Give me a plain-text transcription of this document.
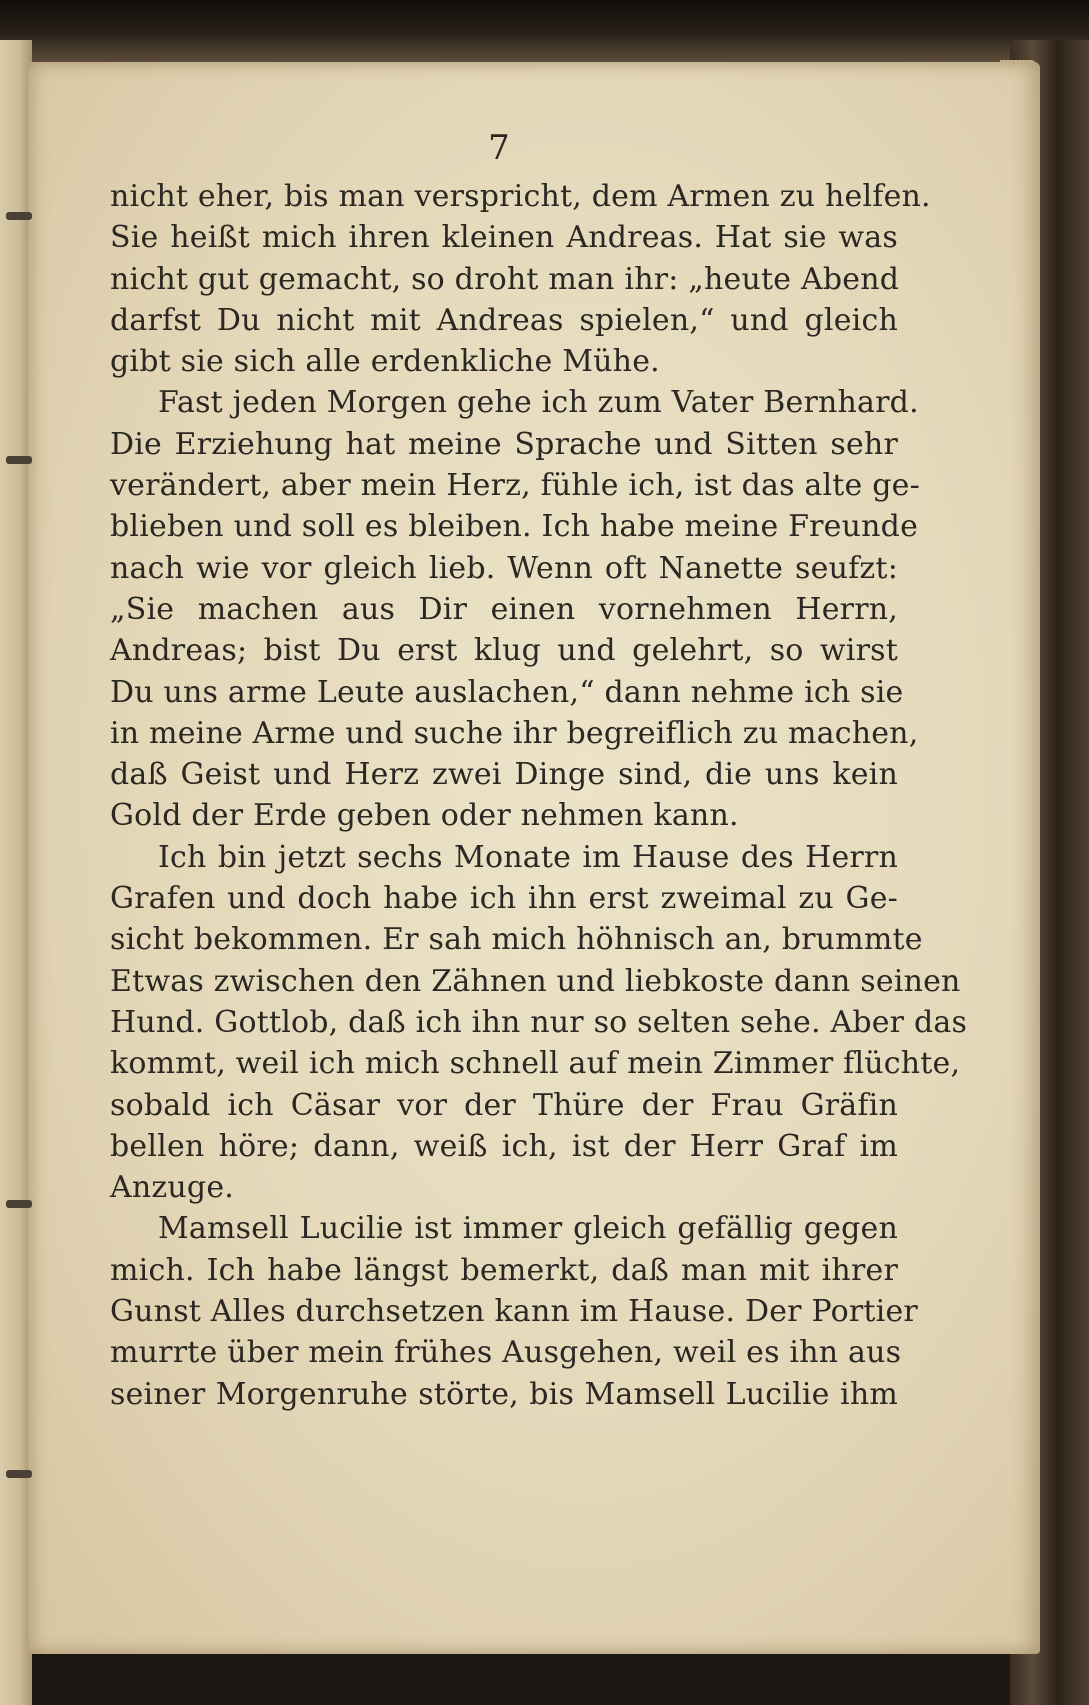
7
nicht eher, bis man verspricht, dem Armen zu helfen.
Sie heißt mich ihren kleinen Andreas. Hat sie was
nicht gut gemacht, so droht man ihr: „heute Abend
darfst Du nicht mit Andreas spielen,“ und gleich
gibt sie sich alle erdenkliche Mühe.
Fast jeden Morgen gehe ich zum Vater Bernhard.
Die Erziehung hat meine Sprache und Sitten sehr
verändert, aber mein Herz, fühle ich, ist das alte ge-
blieben und soll es bleiben. Ich habe meine Freunde
nach wie vor gleich lieb. Wenn oft Nanette seufzt:
„Sie machen aus Dir einen vornehmen Herrn,
Andreas; bist Du erst klug und gelehrt, so wirst
Du uns arme Leute auslachen,“ dann nehme ich sie
in meine Arme und suche ihr begreiflich zu machen,
daß Geist und Herz zwei Dinge sind, die uns kein
Gold der Erde geben oder nehmen kann.
Ich bin jetzt sechs Monate im Hause des Herrn
Grafen und doch habe ich ihn erst zweimal zu Ge-
sicht bekommen. Er sah mich höhnisch an, brummte
Etwas zwischen den Zähnen und liebkoste dann seinen
Hund. Gottlob, daß ich ihn nur so selten sehe. Aber das
kommt, weil ich mich schnell auf mein Zimmer flüchte,
sobald ich Cäsar vor der Thüre der Frau Gräfin
bellen höre; dann, weiß ich, ist der Herr Graf im
Anzuge.
Mamsell Lucilie ist immer gleich gefällig gegen
mich. Ich habe längst bemerkt, daß man mit ihrer
Gunst Alles durchsetzen kann im Hause. Der Portier
murrte über mein frühes Ausgehen, weil es ihn aus
seiner Morgenruhe störte, bis Mamsell Lucilie ihm
